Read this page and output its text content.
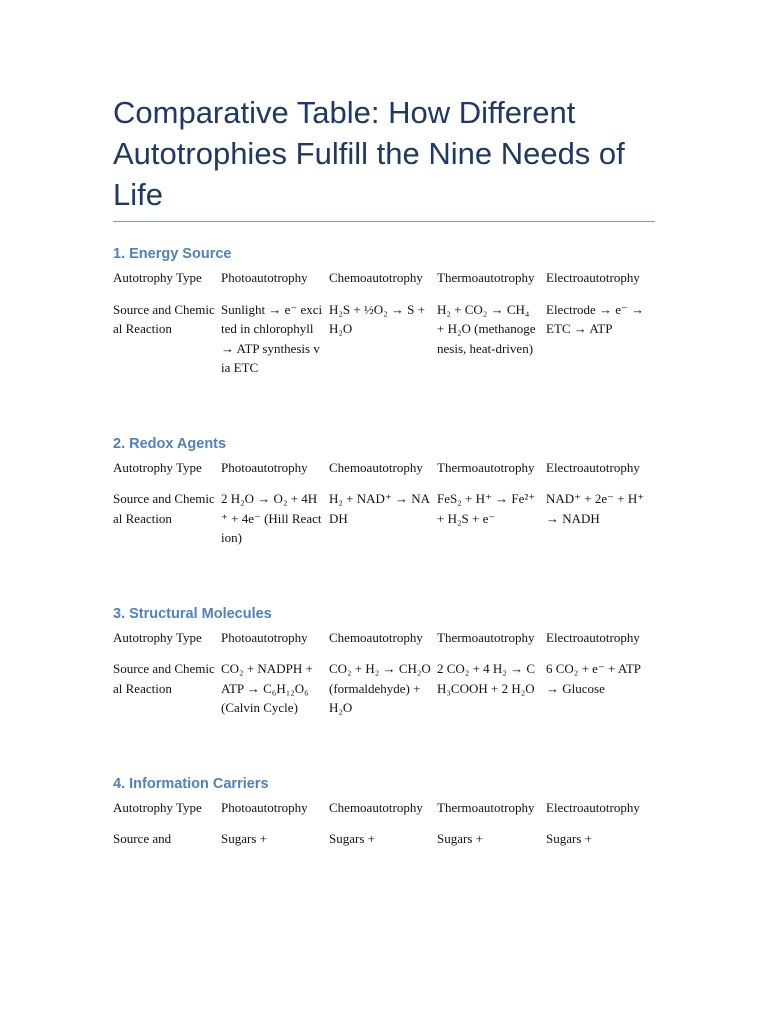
Comparative Table: How Different Autotrophies Fulfill the Nine Needs of Life
1. Energy Source
Autotrophy Type	Photoautotrophy	Chemoautotrophy	Thermoautotrophy	Electroautotrophy
Source and Chemical Reaction	Sunlight → e⁻ excited in chlorophyll → ATP synthesis via ETC	H₂S + ½O₂ → S + H₂O	H₂ + CO₂ → CH₄ + H₂O (methanogenesis, heat-driven)	Electrode → e⁻ → ETC → ATP
2. Redox Agents
Autotrophy Type	Photoautotrophy	Chemoautotrophy	Thermoautotrophy	Electroautotrophy
Source and Chemical Reaction	2 H₂O → O₂ + 4H⁺ + 4e⁻ (Hill Reaction)	H₂ + NAD⁺ → NADH	FeS₂ + H⁺ → Fe²⁺ + H₂S + e⁻	NAD⁺ + 2e⁻ + H⁺ → NADH
3. Structural Molecules
Autotrophy Type	Photoautotrophy	Chemoautotrophy	Thermoautotrophy	Electroautotrophy
Source and Chemical Reaction	CO₂ + NADPH + ATP → C₆H₁₂O₆ (Calvin Cycle)	CO₂ + H₂ → CH₂O (formaldehyde) + H₂O	2 CO₂ + 4 H₂ → CH₃COOH + 2 H₂O	6 CO₂ + e⁻ + ATP → Glucose
4. Information Carriers
Autotrophy Type	Photoautotrophy	Chemoautotrophy	Thermoautotrophy	Electroautotrophy
Source and	Sugars +	Sugars +	Sugars +	Sugars +
